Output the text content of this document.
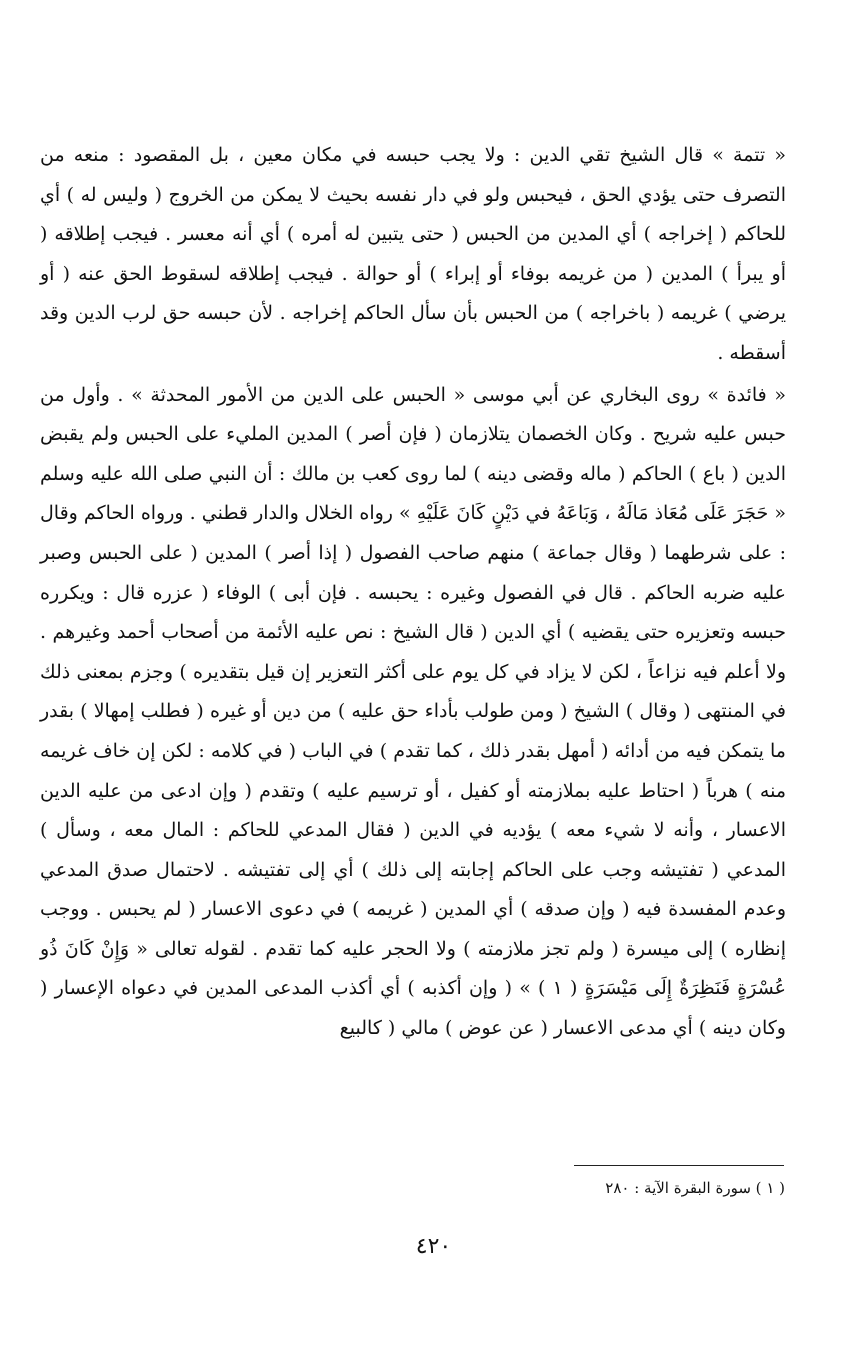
« تتمة » قال الشيخ تقي الدين : ولا يجب حبسه في مكان معين ، بل المقصود : منعه من التصرف حتى يؤدي الحق ، فيحبس ولو في دار نفسه بحيث لا يمكن من الخروج ( وليس له ) أي للحاكم ( إخراجه ) أي المدين من الحبس ( حتى يتبين له أمره ) أي أنه معسر . فيجب إطلاقه ( أو يبرأ ) المدين ( من غريمه بوفاء أو إبراء ) أو حوالة . فيجب إطلاقه لسقوط الحق عنه ( أو يرضي ) غريمه ( باخراجه ) من الحبس بأن سأل الحاكم إخراجه . لأن حبسه حق لرب الدين وقد أسقطه .

« فائدة » روى البخاري عن أبي موسى « الحبس على الدين من الأمور المحدثة » . وأول من حبس عليه شريح . وكان الخصمان يتلازمان ( فإن أصر ) المدين المليء على الحبس ولم يقبض الدين ( باع ) الحاكم ( ماله وقضى دينه ) لما روى كعب بن مالك : أن النبي صلى الله عليه وسلم « حَجَرَ عَلَى مُعَاذ مَالَهُ ، وَبَاعَهُ في دَيْنٍ كَانَ عَلَيْهِ » رواه الخلال والدار قطني . ورواه الحاكم وقال : على شرطهما ( وقال جماعة ) منهم صاحب الفصول ( إذا أصر ) المدين ( على الحبس وصبر عليه ضربه الحاكم . قال في الفصول وغيره : يحبسه . فإن أبى ) الوفاء ( عزره قال : ويكرره حبسه وتعزيره حتى يقضيه ) أي الدين ( قال الشيخ : نص عليه الأئمة من أصحاب أحمد وغيرهم . ولا أعلم فيه نزاعاً ، لكن لا يزاد في كل يوم على أكثر التعزير إن قيل بتقديره ) وجزم بمعنى ذلك في المنتهى ( وقال ) الشيخ ( ومن طولب بأداء حق عليه ) من دين أو غيره ( فطلب إمهالا ) بقدر ما يتمكن فيه من أدائه ( أمهل بقدر ذلك ، كما تقدم ) في الباب ( في كلامه : لكن إن خاف غريمه منه ) هرباً ( احتاط عليه بملازمته أو كفيل ، أو ترسيم عليه ) وتقدم ( وإن ادعى من عليه الدين الاعسار ، وأنه لا شيء معه ) يؤديه في الدين ( فقال المدعي للحاكم : المال معه ، وسأل ) المدعي ( تفتيشه وجب على الحاكم إجابته إلى ذلك ) أي إلى تفتيشه . لاحتمال صدق المدعي وعدم المفسدة فيه ( وإن صدقه ) أي المدين ( غريمه ) في دعوى الاعسار ( لم يحبس . ووجب إنظاره ) إلى ميسرة ( ولم تجز ملازمته ) ولا الحجر عليه كما تقدم . لقوله تعالى « وَإِنْ كَانَ ذُو عُسْرَةٍ فَنَظِرَةٌ إِلَى مَيْسَرَةٍ ( ١ ) » ( وإن أكذبه ) أي أكذب المدعى المدين في دعواه الإعسار ( وكان دينه ) أي مدعى الاعسار ( عن عوض ) مالي ( كالبيع

( ١ ) سورة البقرة الآية : ٢٨٠
٤٢٠
